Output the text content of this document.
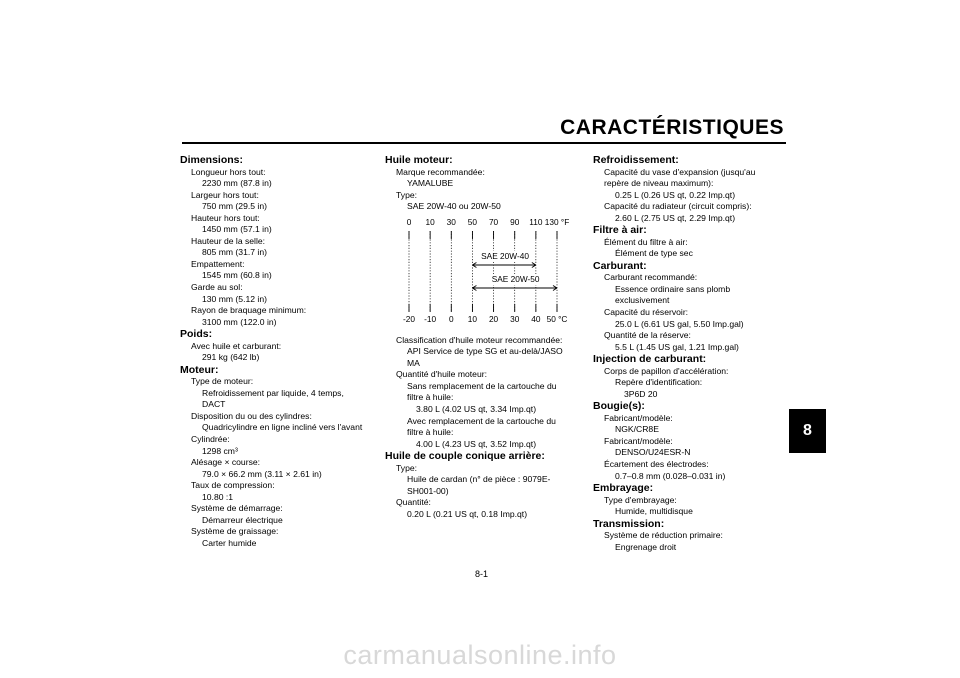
CARACTÉRISTIQUES
8
Dimensions:
Longueur hors tout:
2230 mm (87.8 in)
Largeur hors tout:
750 mm (29.5 in)
Hauteur hors tout:
1450 mm (57.1 in)
Hauteur de la selle:
805 mm (31.7 in)
Empattement:
1545 mm (60.8 in)
Garde au sol:
130 mm (5.12 in)
Rayon de braquage minimum:
3100 mm (122.0 in)
Poids:
Avec huile et carburant:
291 kg (642 lb)
Moteur:
Type de moteur:
Refroidissement par liquide, 4 temps,
DACT
Disposition du ou des cylindres:
Quadricylindre en ligne incliné vers l'avant
Cylindrée:
1298 cm³
Alésage × course:
79.0 × 66.2 mm (3.11 × 2.61 in)
Taux de compression:
10.80 :1
Système de démarrage:
Démarreur électrique
Système de graissage:
Carter humide
Huile moteur:
Marque recommandée:
YAMALUBE
Type:
SAE 20W-40 ou 20W-50
0
-20
10
-10
30
0
50
10
70
20
90
30
110
40
130 °F
50 °C
SAE 20W-40
SAE 20W-50
Classification d'huile moteur recommandée:
API Service de type SG et au-delà/JASO
MA
Quantité d'huile moteur:
Sans remplacement de la cartouche du
filtre à huile:
3.80 L (4.02 US qt, 3.34 Imp.qt)
Avec remplacement de la cartouche du
filtre à huile:
4.00 L (4.23 US qt, 3.52 Imp.qt)
Huile de couple conique arrière:
Type:
Huile de cardan (n° de pièce : 9079E-
SH001-00)
Quantité:
0.20 L (0.21 US qt, 0.18 Imp.qt)
Refroidissement:
Capacité du vase d'expansion (jusqu'au
repère de niveau maximum):
0.25 L (0.26 US qt, 0.22 Imp.qt)
Capacité du radiateur (circuit compris):
2.60 L (2.75 US qt, 2.29 Imp.qt)
Filtre à air:
Élément du filtre à air:
Élément de type sec
Carburant:
Carburant recommandé:
Essence ordinaire sans plomb
exclusivement
Capacité du réservoir:
25.0 L (6.61 US gal, 5.50 Imp.gal)
Quantité de la réserve:
5.5 L (1.45 US gal, 1.21 Imp.gal)
Injection de carburant:
Corps de papillon d'accélération:
Repère d'identification:
3P6D 20
Bougie(s):
Fabricant/modèle:
NGK/CR8E
Fabricant/modèle:
DENSO/U24ESR-N
Écartement des électrodes:
0.7–0.8 mm (0.028–0.031 in)
Embrayage:
Type d'embrayage:
Humide, multidisque
Transmission:
Système de réduction primaire:
Engrenage droit
8-1
carmanualsonline.info
